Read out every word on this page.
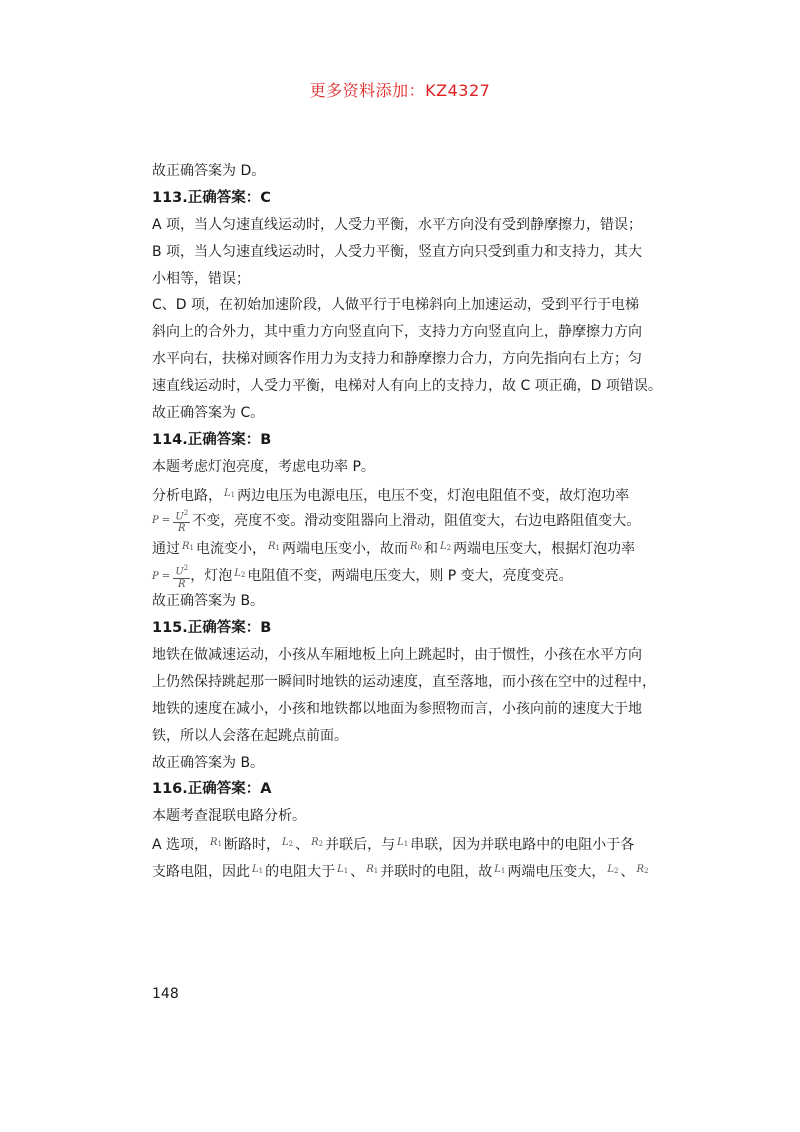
更多资料添加：KZ4327
故正确答案为 D。
113.正确答案：C
A 项，当人匀速直线运动时，人受力平衡，水平方向没有受到静摩擦力，错误；
B 项，当人匀速直线运动时，人受力平衡，竖直方向只受到重力和支持力，其大
小相等，错误；
C、D 项，在初始加速阶段，人做平行于电梯斜向上加速运动，受到平行于电梯
斜向上的合外力，其中重力方向竖直向下，支持力方向竖直向上，静摩擦力方向
水平向右，扶梯对顾客作用力为支持力和静摩擦力合力，方向先指向右上方；匀
速直线运动时，人受力平衡，电梯对人有向上的支持力，故 C 项正确，D 项错误。
故正确答案为 C。
114.正确答案：B
本题考虑灯泡亮度，考虑电功率 P。
分析电路， $^{L_1}$ 两边电压为电源电压，电压不变，灯泡电阻值不变，故灯泡功率
$P = \frac{U^2}{R}$ 不变，亮度不变。滑动变阻器向上滑动，阻值变大，右边电路阻值变大。
通过 $^{R_1}$ 电流变小， $^{R_1}$ 两端电压变小，故而 $^{R_0}$ 和 $^{L_2}$ 两端电压变大，根据灯泡功率
$P = \frac{U^2}{R}$ ，灯泡 $^{L_2}$ 电阻值不变，两端电压变大，则 P 变大，亮度变亮。
故正确答案为 B。
115.正确答案：B
地铁在做减速运动，小孩从车厢地板上向上跳起时，由于惯性，小孩在水平方向
上仍然保持跳起那一瞬间时地铁的运动速度，直至落地，而小孩在空中的过程中，
地铁的速度在减小，小孩和地铁都以地面为参照物而言，小孩向前的速度大于地
铁，所以人会落在起跳点前面。
故正确答案为 B。
116.正确答案：A
本题考查混联电路分析。
A 选项， $^{R_1}$ 断路时， $^{L_2}$ 、 $^{R_2}$ 并联后，与 $^{L_1}$ 串联，因为并联电路中的电阻小于各
支路电阻，因此 $^{L_1}$ 的电阻大于 $^{L_1}$ 、 $^{R_1}$ 并联时的电阻，故 $^{L_1}$ 两端电压变大， $^{L_2}$ 、 $^{R_2}$
148
